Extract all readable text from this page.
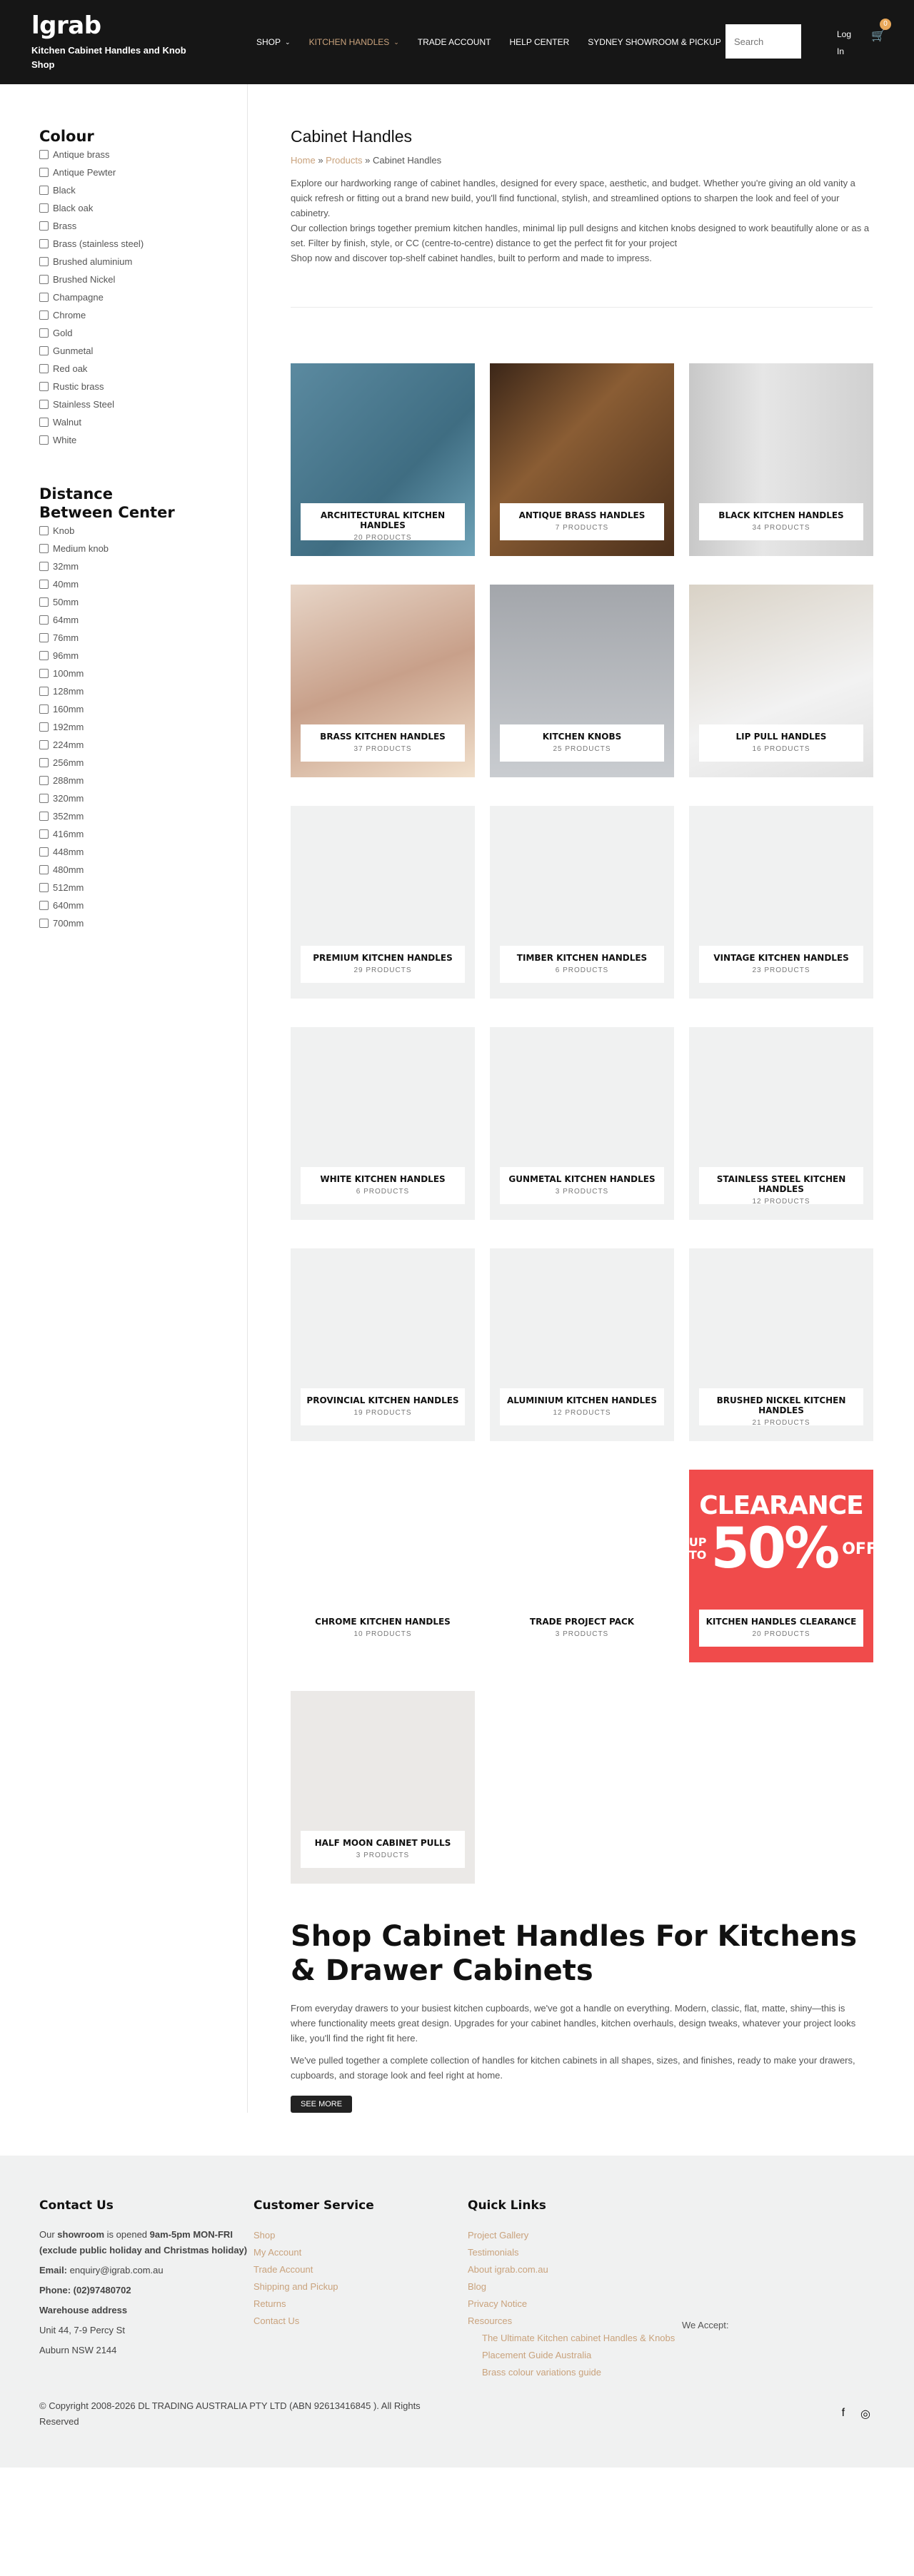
lgrab
Kitchen Cabinet Handles and Knob Shop
SHOP ⌄ KITCHEN HANDLES ⌄ TRADE ACCOUNT HELP CENTER SYDNEY SHOWROOM & PICKUP
Search
Log In
🛒
0
Colour
Antique brass
Antique Pewter
Black
Black oak
Brass
Brass (stainless steel)
Brushed aluminium
Brushed Nickel
Champagne
Chrome
Gold
Gunmetal
Red oak
Rustic brass
Stainless Steel
Walnut
White
Distance Between Center
Knob
Medium knob
32mm
40mm
50mm
64mm
76mm
96mm
100mm
128mm
160mm
192mm
224mm
256mm
288mm
320mm
352mm
416mm
448mm
480mm
512mm
640mm
700mm
Cabinet Handles
Home » Products » Cabinet Handles

Explore our hardworking range of cabinet handles, designed for every space, aesthetic, and budget. Whether you're giving an old vanity a quick refresh or fitting out a brand new build, you'll find functional, stylish, and streamlined options to sharpen the look and feel of your cabinetry.

Our collection brings together premium kitchen handles, minimal lip pull designs and kitchen knobs designed to work beautifully alone or as a set. Filter by finish, style, or CC (centre-to-centre) distance to get the perfect fit for your project

Shop now and discover top-shelf cabinet handles, built to perform and made to impress.

ARCHITECTURAL KITCHEN HANDLES
20 PRODUCTS
ANTIQUE BRASS HANDLES
7 PRODUCTS
BLACK KITCHEN HANDLES
34 PRODUCTS
BRASS KITCHEN HANDLES
37 PRODUCTS
KITCHEN KNOBS
25 PRODUCTS
LIP PULL HANDLES
16 PRODUCTS
PREMIUM KITCHEN HANDLES
29 PRODUCTS
TIMBER KITCHEN HANDLES
6 PRODUCTS
VINTAGE KITCHEN HANDLES
23 PRODUCTS
WHITE KITCHEN HANDLES
6 PRODUCTS
GUNMETAL KITCHEN HANDLES
3 PRODUCTS
STAINLESS STEEL KITCHEN HANDLES
12 PRODUCTS
PROVINCIAL KITCHEN HANDLES
19 PRODUCTS
ALUMINIUM KITCHEN HANDLES
12 PRODUCTS
BRUSHED NICKEL KITCHEN HANDLES
21 PRODUCTS
CHROME KITCHEN HANDLES
10 PRODUCTS
TRADE PROJECT PACK
3 PRODUCTS
CLEARANCE
UP TO 50% OFF
KITCHEN HANDLES CLEARANCE
20 PRODUCTS
HALF MOON CABINET PULLS
3 PRODUCTS
Shop Cabinet Handles For Kitchens & Drawer Cabinets

From everyday drawers to your busiest kitchen cupboards, we've got a handle on everything. Modern, classic, flat, matte, shiny—this is where functionality meets great design. Upgrades for your cabinet handles, kitchen overhauls, design tweaks, whatever your project looks like, you'll find the right fit here.

We've pulled together a complete collection of handles for kitchen cabinets in all shapes, sizes, and finishes, ready to make your drawers, cupboards, and storage look and feel right at home.

SEE MORE
Contact Us

Our showroom is opened 9am-5pm MON-FRI (exclude public holiday and Christmas holiday)

Email: enquiry@igrab.com.au

Phone: (02)97480702

Warehouse address

Unit 44, 7-9 Percy St

Auburn NSW 2144

Customer Service
Shop
My Account
Trade Account
Shipping and Pickup
Returns
Contact Us
Quick Links
Project Gallery
Testimonials
About igrab.com.au
Blog
Privacy Notice
Resources
The Ultimate Kitchen cabinet Handles & Knobs Placement Guide Australia
Brass colour variations guide
We Accept:
© Copyright 2008-2026 DL TRADING AUSTRALIA PTY LTD (ABN 92613416845 ). All Rights Reserved
f ◎
